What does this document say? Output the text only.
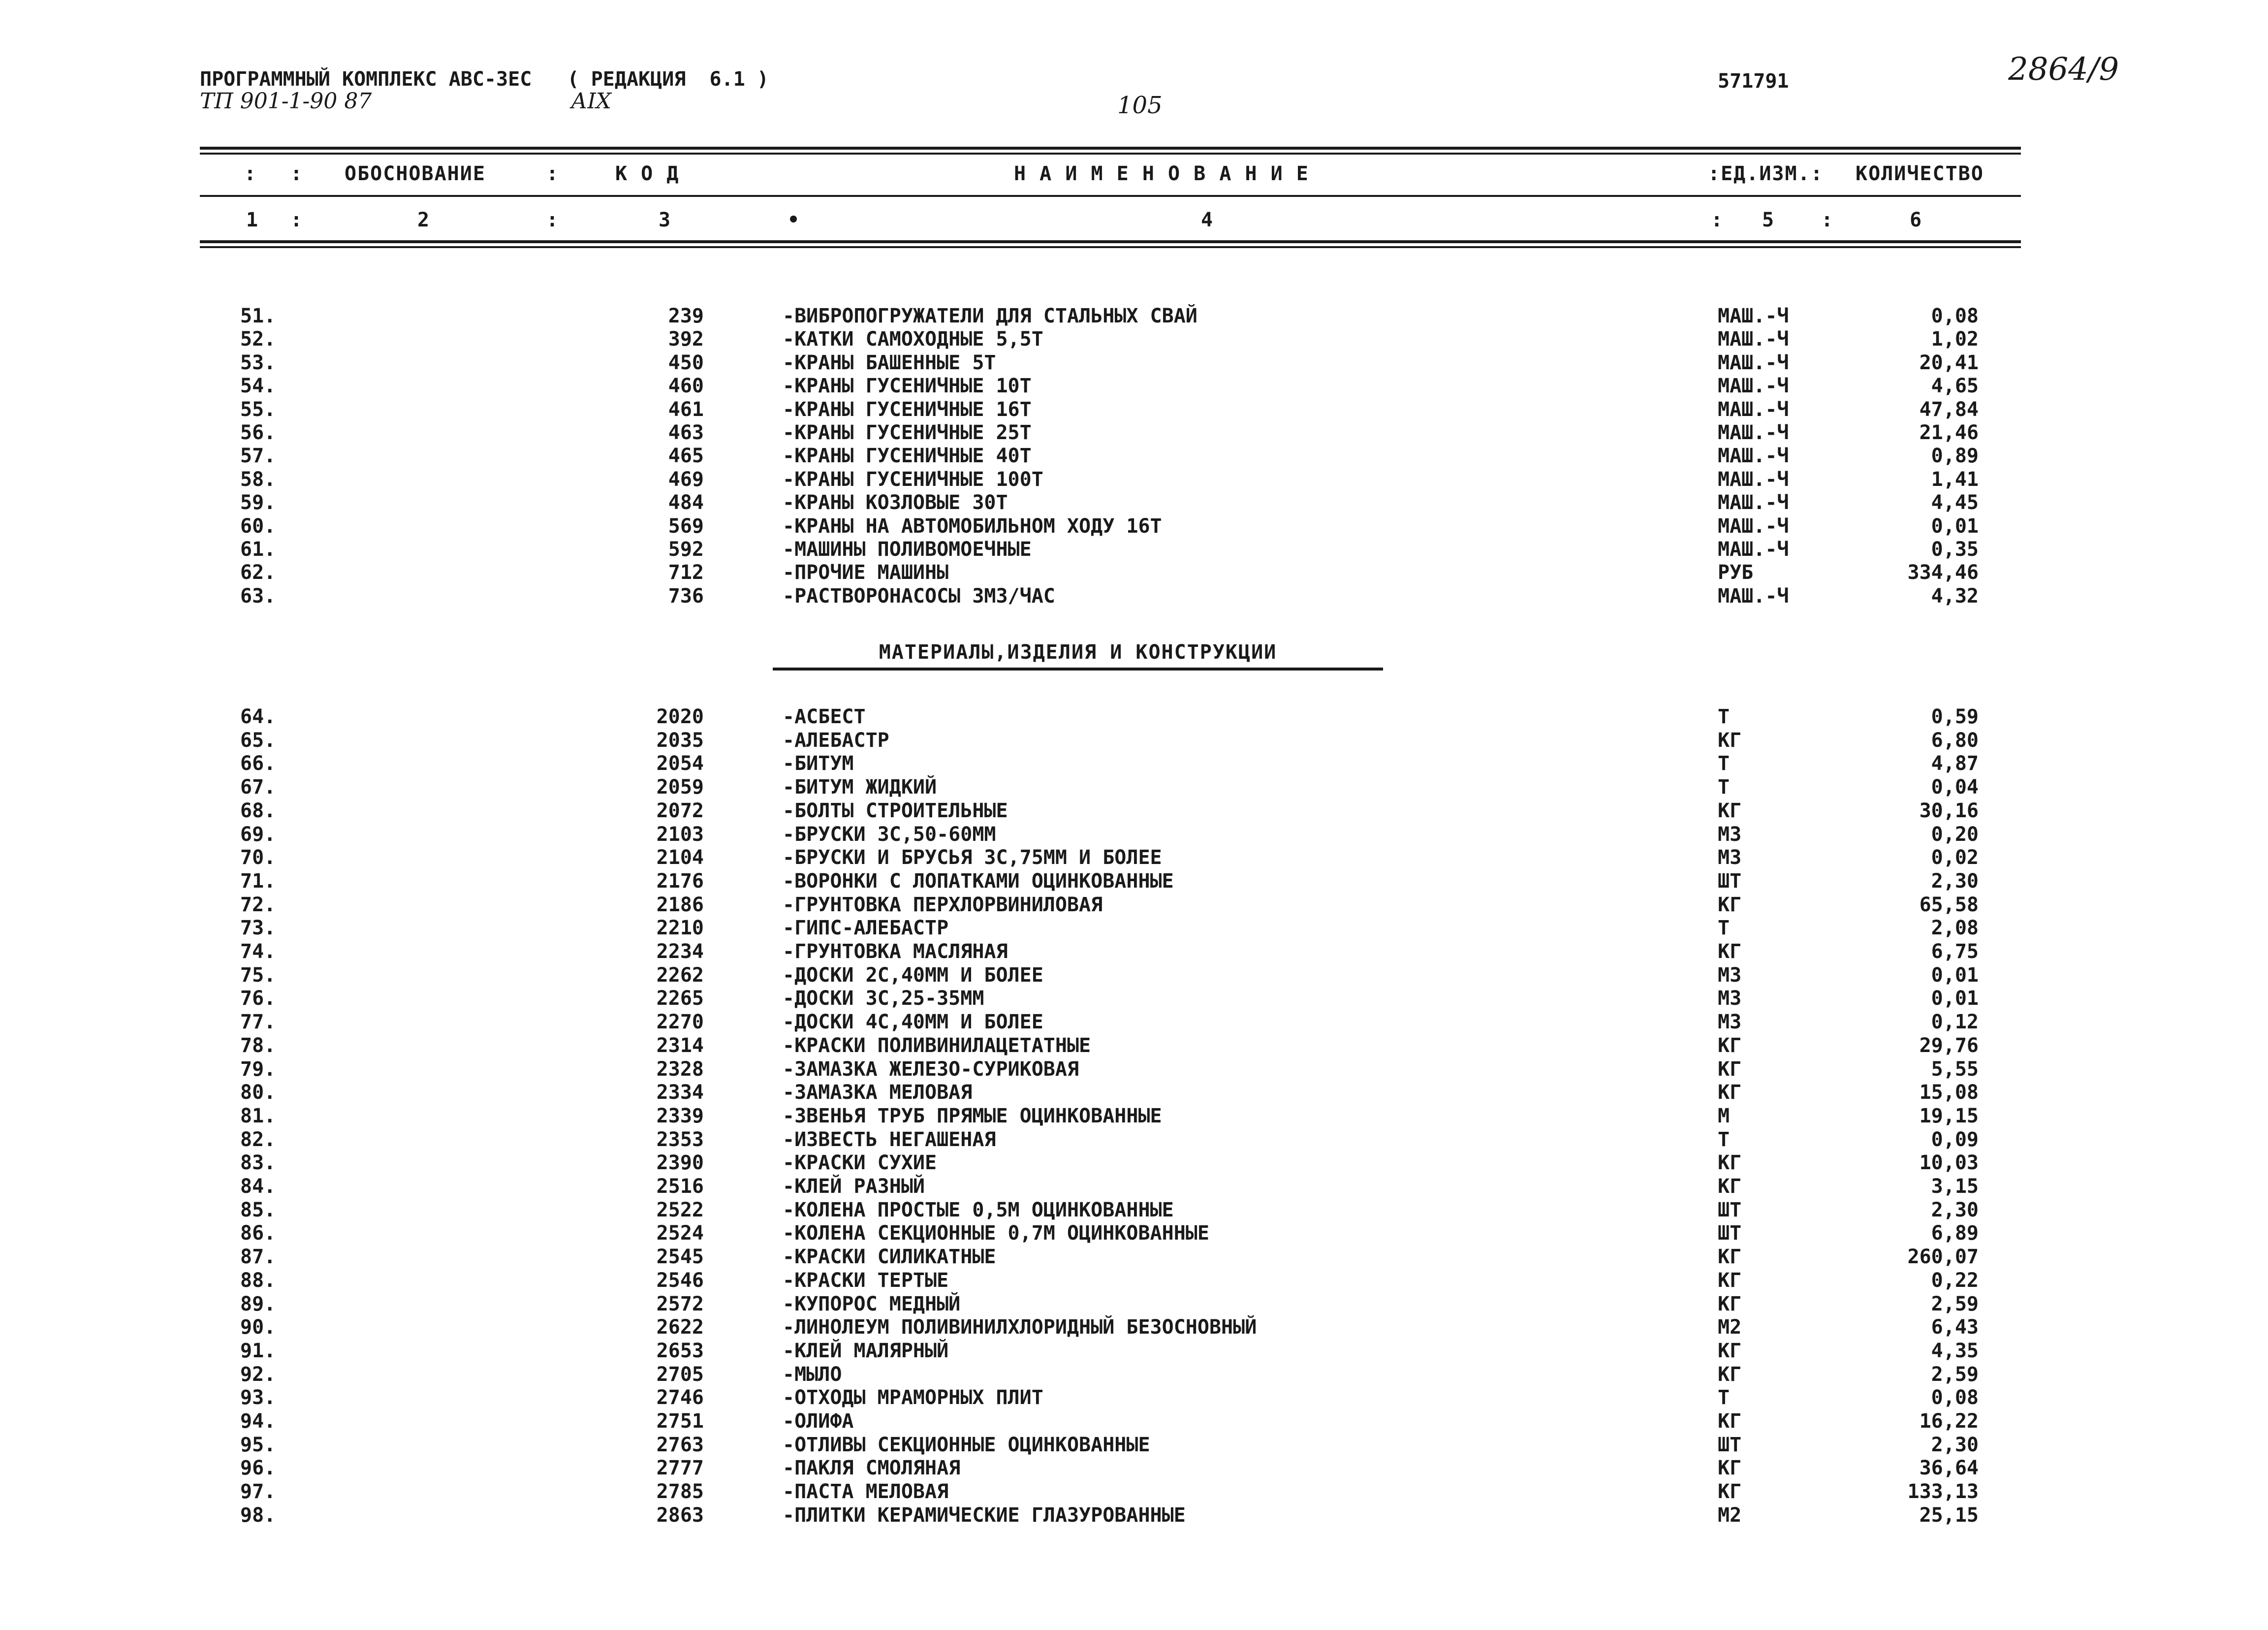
ПРОГРАММНЫЙ КОМПЛЕКС АВС-ЗЕС   ( РЕДАКЦИЯ  6.1 )
ТП 901-1-90 87	АIХ	105
571791	2864/9
: : ОБОСНОВАНИЕ	:	К О Д	Н А И М Е Н О В А Н И Е	:ЕД.ИЗМ.: КОЛИЧЕСТВО
1 :	2	:	3	•	4	: 5 :	6
51.	239	-ВИБРОПОГРУЖАТЕЛИ ДЛЯ СТАЛЬНЫХ СВАЙ	МАШ.-Ч	0,08
52.	392	-КАТКИ САМОХОДНЫЕ 5,5Т	МАШ.-Ч	1,02
53.	450	-КРАНЫ БАШЕННЫЕ 5Т	МАШ.-Ч	20,41
54.	460	-КРАНЫ ГУСЕНИЧНЫЕ 10Т	МАШ.-Ч	4,65
55.	461	-КРАНЫ ГУСЕНИЧНЫЕ 16Т	МАШ.-Ч	47,84
56.	463	-КРАНЫ ГУСЕНИЧНЫЕ 25Т	МАШ.-Ч	21,46
57.	465	-КРАНЫ ГУСЕНИЧНЫЕ 40Т	МАШ.-Ч	0,89
58.	469	-КРАНЫ ГУСЕНИЧНЫЕ 100Т	МАШ.-Ч	1,41
59.	484	-КРАНЫ КОЗЛОВЫЕ 30Т	МАШ.-Ч	4,45
60.	569	-КРАНЫ НА АВТОМОБИЛЬНОМ ХОДУ 16Т	МАШ.-Ч	0,01
61.	592	-МАШИНЫ ПОЛИВОМОЕЧНЫЕ	МАШ.-Ч	0,35
62.	712	-ПРОЧИЕ МАШИНЫ	РУБ	334,46
63.	736	-РАСТВОРОНАСОСЫ 3М3/ЧАС	МАШ.-Ч	4,32
МАТЕРИАЛЫ,ИЗДЕЛИЯ И КОНСТРУКЦИИ
64.	2020	-АСБЕСТ	Т	0,59
65.	2035	-АЛЕБАСТР	КГ	6,80
66.	2054	-БИТУМ	Т	4,87
67.	2059	-БИТУМ ЖИДКИЙ	Т	0,04
68.	2072	-БОЛТЫ СТРОИТЕЛЬНЫЕ	КГ	30,16
69.	2103	-БРУСКИ 3С,50-60ММ	М3	0,20
70.	2104	-БРУСКИ И БРУСЬЯ 3С,75ММ И БОЛЕЕ	М3	0,02
71.	2176	-ВОРОНКИ С ЛОПАТКАМИ ОЦИНКОВАННЫЕ	ШТ	2,30
72.	2186	-ГРУНТОВКА ПЕРХЛОРВИНИЛОВАЯ	КГ	65,58
73.	2210	-ГИПС-АЛЕБАСТР	Т	2,08
74.	2234	-ГРУНТОВКА МАСЛЯНАЯ	КГ	6,75
75.	2262	-ДОСКИ 2С,40ММ И БОЛЕЕ	М3	0,01
76.	2265	-ДОСКИ 3С,25-35ММ	М3	0,01
77.	2270	-ДОСКИ 4С,40ММ И БОЛЕЕ	М3	0,12
78.	2314	-КРАСКИ ПОЛИВИНИЛАЦЕТАТНЫЕ	КГ	29,76
79.	2328	-ЗАМАЗКА ЖЕЛЕЗО-СУРИКОВАЯ	КГ	5,55
80.	2334	-ЗАМАЗКА МЕЛОВАЯ	КГ	15,08
81.	2339	-ЗВЕНЬЯ ТРУБ ПРЯМЫЕ ОЦИНКОВАННЫЕ	М	19,15
82.	2353	-ИЗВЕСТЬ НЕГАШЕНАЯ	Т	0,09
83.	2390	-КРАСКИ СУХИЕ	КГ	10,03
84.	2516	-КЛЕЙ РАЗНЫЙ	КГ	3,15
85.	2522	-КОЛЕНА ПРОСТЫЕ 0,5М ОЦИНКОВАННЫЕ	ШТ	2,30
86.	2524	-КОЛЕНА СЕКЦИОННЫЕ 0,7М ОЦИНКОВАННЫЕ	ШТ	6,89
87.	2545	-КРАСКИ СИЛИКАТНЫЕ	КГ	260,07
88.	2546	-КРАСКИ ТЕРТЫЕ	КГ	0,22
89.	2572	-КУПОРОС МЕДНЫЙ	КГ	2,59
90.	2622	-ЛИНОЛЕУМ ПОЛИВИНИЛХЛОРИДНЫЙ БЕЗОСНОВНЫЙ	М2	6,43
91.	2653	-КЛЕЙ МАЛЯРНЫЙ	КГ	4,35
92.	2705	-МЫЛО	КГ	2,59
93.	2746	-ОТХОДЫ МРАМОРНЫХ ПЛИТ	Т	0,08
94.	2751	-ОЛИФА	КГ	16,22
95.	2763	-ОТЛИВЫ СЕКЦИОННЫЕ ОЦИНКОВАННЫЕ	ШТ	2,30
96.	2777	-ПАКЛЯ СМОЛЯНАЯ	КГ	36,64
97.	2785	-ПАСТА МЕЛОВАЯ	КГ	133,13
98.	2863	-ПЛИТКИ КЕРАМИЧЕСКИЕ ГЛАЗУРОВАННЫЕ	М2	25,15
